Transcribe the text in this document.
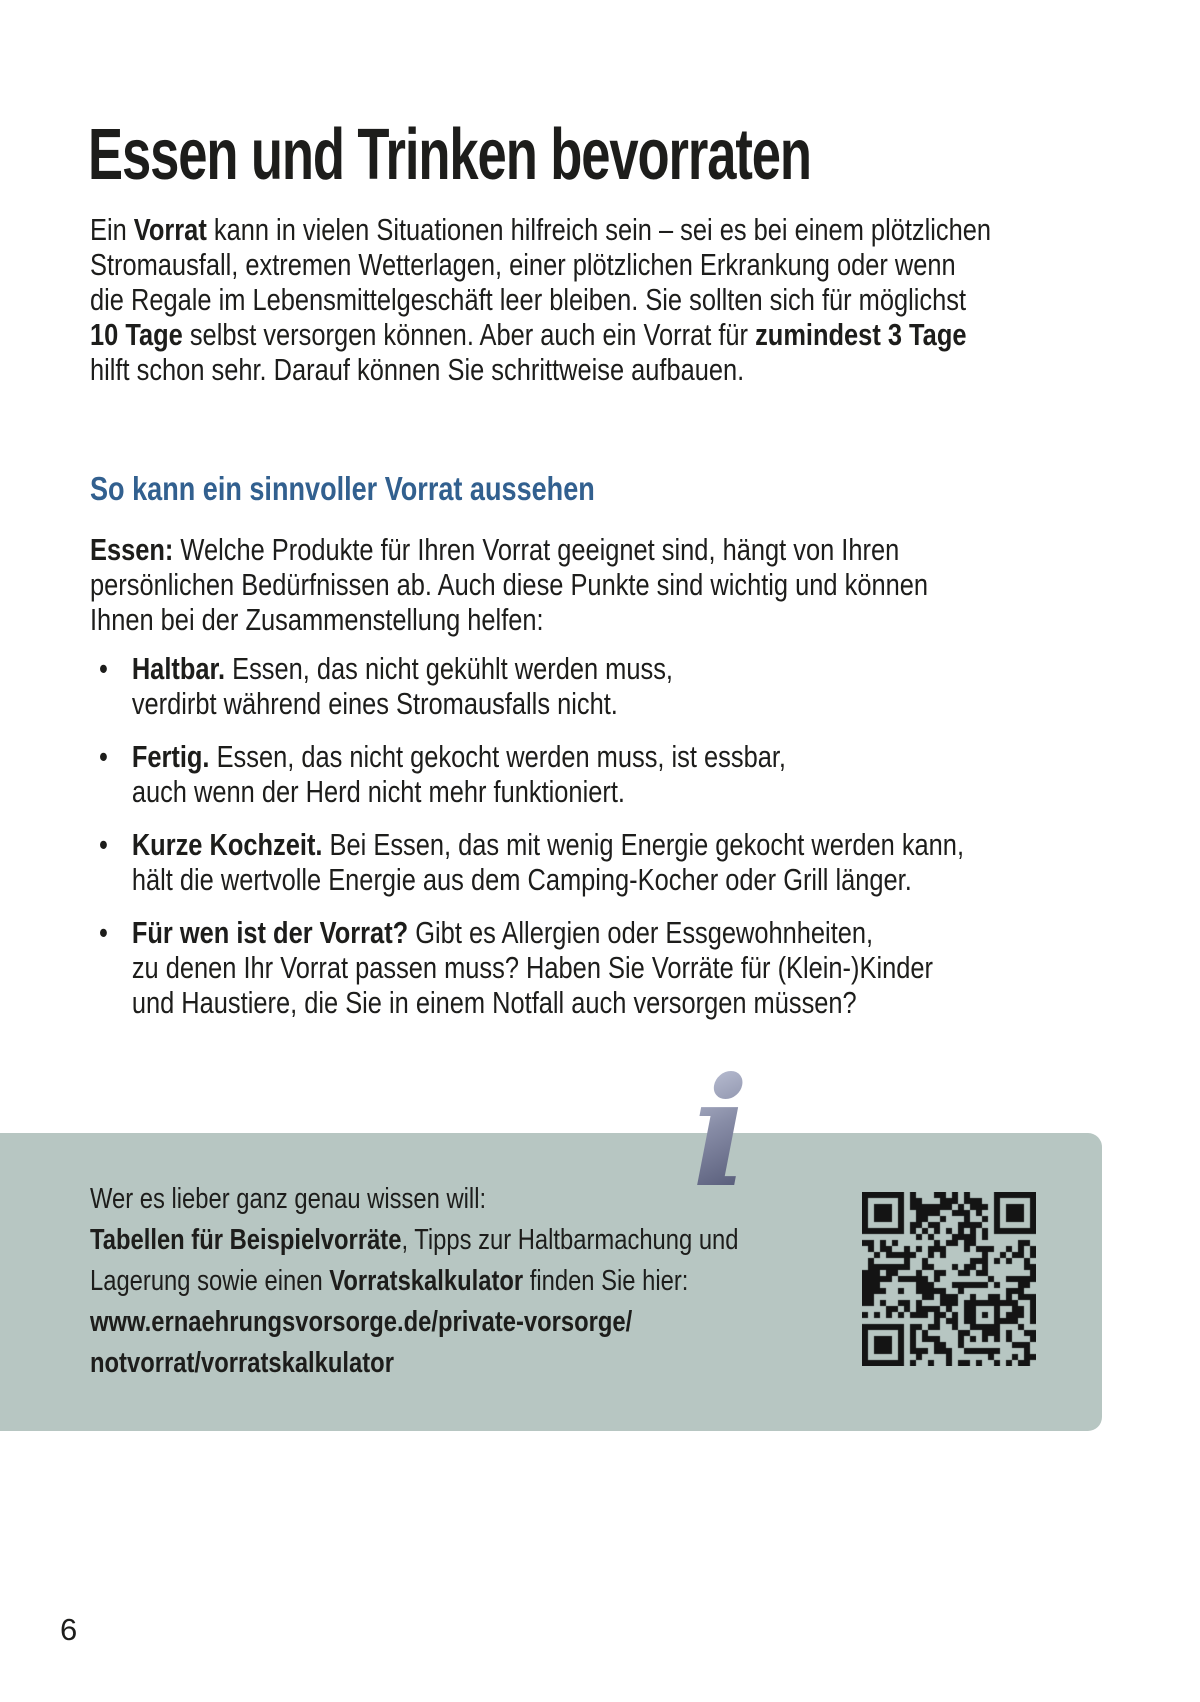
Essen und Trinken bevorraten
Ein Vorrat kann in vielen Situationen hilfreich sein – sei es bei einem plötzlichen
Stromausfall, extremen Wetterlagen, einer plötzlichen Erkrankung oder wenn
die Regale im Lebensmittelgeschäft leer bleiben. Sie sollten sich für möglichst
10 Tage selbst versorgen können. Aber auch ein Vorrat für zumindest 3 Tage
hilft schon sehr. Darauf können Sie schrittweise aufbauen.
So kann ein sinnvoller Vorrat aussehen
Essen: Welche Produkte für Ihren Vorrat geeignet sind, hängt von Ihren
persönlichen Bedürfnissen ab. Auch diese Punkte sind wichtig und können
Ihnen bei der Zusammenstellung helfen:
• Haltbar. Essen, das nicht gekühlt werden muss,
verdirbt während eines Stromausfalls nicht.
• Fertig. Essen, das nicht gekocht werden muss, ist essbar,
auch wenn der Herd nicht mehr funktioniert.
• Kurze Kochzeit. Bei Essen, das mit wenig Energie gekocht werden kann,
hält die wertvolle Energie aus dem Camping-Kocher oder Grill länger.
• Für wen ist der Vorrat? Gibt es Allergien oder Essgewohnheiten,
zu denen Ihr Vorrat passen muss? Haben Sie Vorräte für (Klein-)Kinder
und Haustiere, die Sie in einem Notfall auch versorgen müssen?
i
Wer es lieber ganz genau wissen will:
Tabellen für Beispielvorräte, Tipps zur Haltbarmachung und
Lagerung sowie einen Vorratskalkulator finden Sie hier:
www.ernaehrungsvorsorge.de/private-vorsorge/
notvorrat/vorratskalkulator
6
